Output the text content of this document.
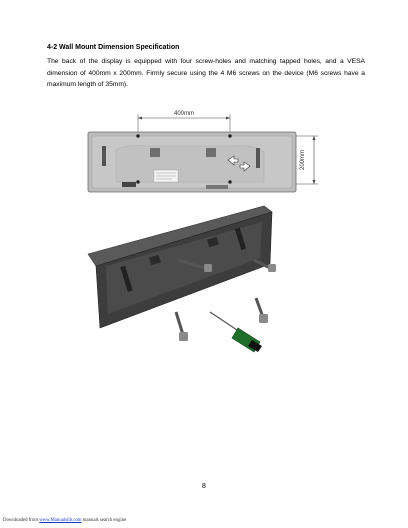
4-2 Wall Mount Dimension Specification

The back of the display is equipped with four screw-holes and matching tapped holes, and a VESA dimension of 400mm x 200mm. Firmly secure using the 4 M6 screws on the device (M6 screws have a maximum length of 35mm).

400mm
200mm
8
Downloaded from www.Manualslib.com manuals search engine
